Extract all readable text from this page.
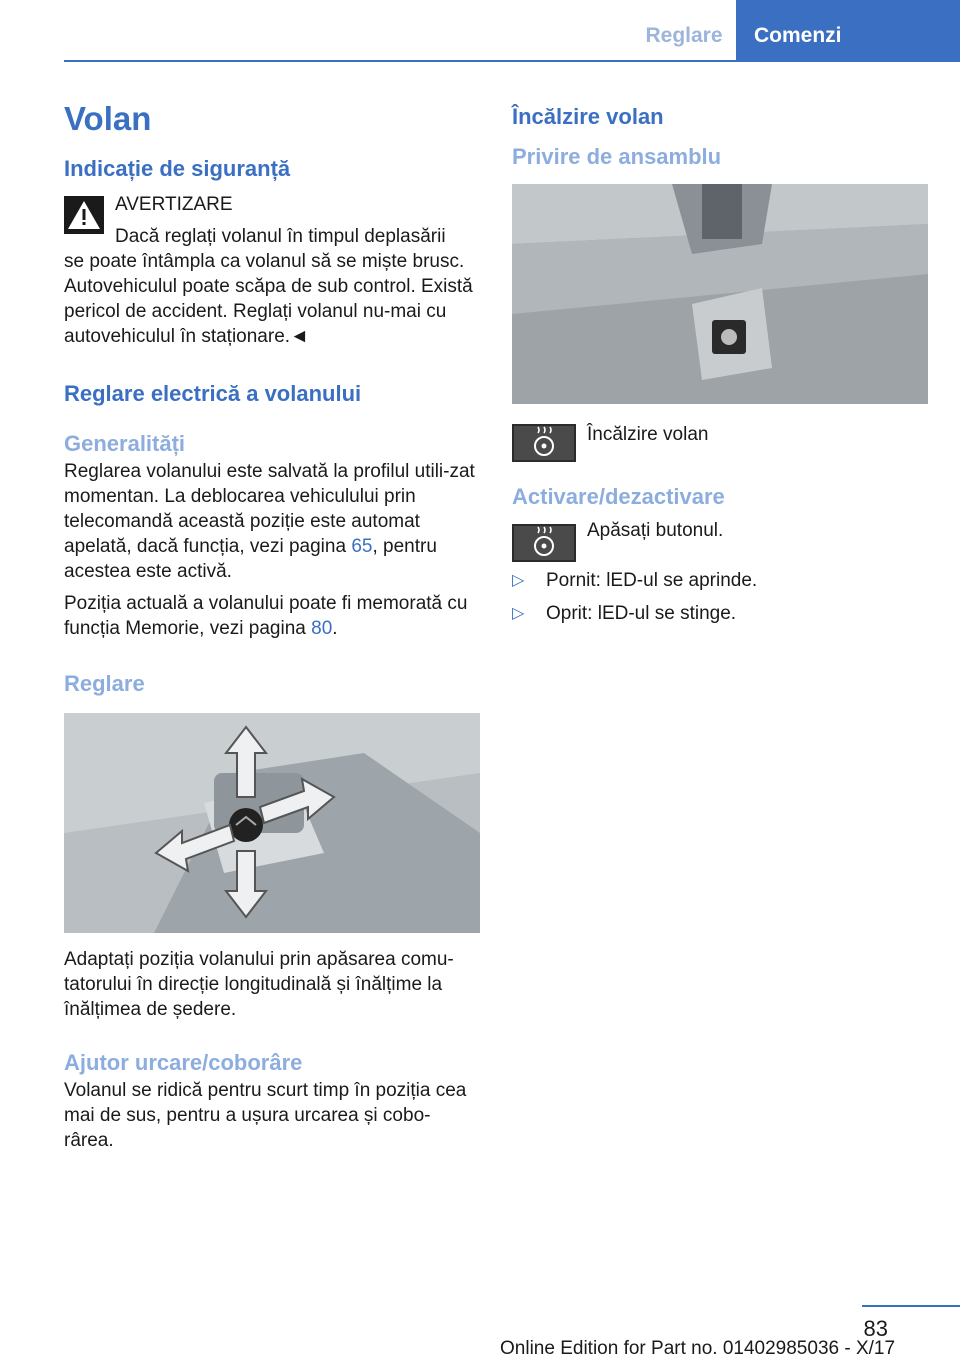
Reglare	Comenzi
Volan
Indicație de siguranță
AVERTIZARE

Dacă reglați volanul în timpul deplasării

se poate întâmpla ca volanul să se miște brusc. Autovehiculul poate scăpa de sub control. Există pericol de accident. Reglați volanul nu-mai cu autovehiculul în staționare.◄

Reglare electrică a volanului
Generalități

Reglarea volanului este salvată la profilul utili-zat momentan. La deblocarea vehiculului prin telecomandă această poziție este automat apelată, dacă funcția, vezi pagina 65, pentru acestea este activă.

Poziția actuală a volanului poate fi memorată cu funcția Memorie, vezi pagina 80.

Reglare

Adaptați poziția volanului prin apăsarea comu-tatorului în direcție longitudinală și înălțime la înălțimea de ședere.

Ajutor urcare/coborâre

Volanul se ridică pentru scurt timp în poziția cea mai de sus, pentru a ușura urcarea și cobo-rârea.

Încălzire volan
Privire de ansamblu

Încălzire volan

Activare/dezactivare

Apăsați butonul.

▷ Pornit: lED-ul se aprinde.
▷ Oprit: lED-ul se stinge.
83
Online Edition for Part no. 01402985036 - X/17
